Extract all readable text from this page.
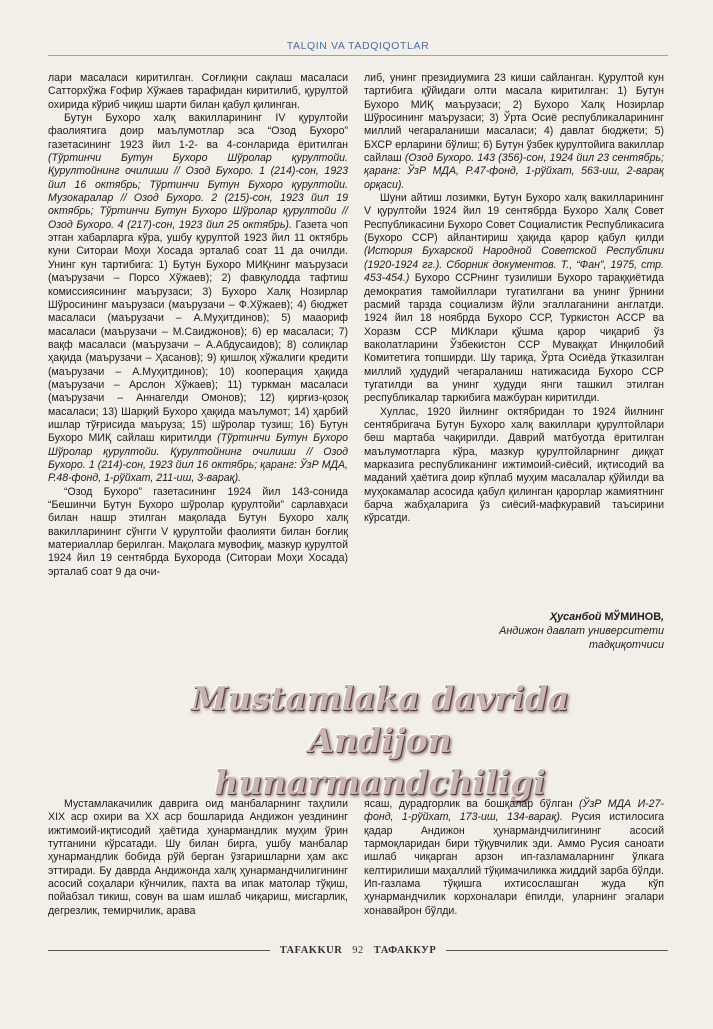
TALQIN VA TADQIQOTLAR

лари масаласи киритилган. Соғлиқни сақлаш масаласи Сатторхўжа Ғофир Хўжаев тарафидан киритилиб, қурултой охирида кўриб чиқиш шарти билан қабул қилинган.

Бутун Бухоро халқ вакилларининг IV қурултойи фаолиятига доир маълумотлар эса “Озод Бухоро” газетасининг 1923 йил 1-2- ва 4-сонларида ёритилган (Тўртинчи Бутун Бухоро Шўролар қурултойи. Қурултойнинг очилиши // Озод Бухоро. 1 (214)-сон, 1923 йил 16 октябрь; Тўртинчи Бутун Бухоро қурултойи. Музокаралар // Озод Бухоро. 2 (215)-сон, 1923 йил 19 октябрь; Тўртинчи Бутун Бухоро Шўролар қурултойи // Озод Бухоро. 4 (217)-сон, 1923 йил 25 октябрь). Газета чоп этган хабарларга кўра, ушбу қурултой 1923 йил 11 октябрь куни Ситораи Моҳи Хосада эрталаб соат 11 да очилди. Унинг кун тартибига: 1) Бутун Бухоро МИҚнинг маърузаси (маърузачи – Порсо Хўжаев); 2) фавқулодда тафтиш комиссиясининг маърузаси; 3) Бухоро Халқ Нозирлар Шўросининг маърузаси (маърузачи – Ф.Хўжаев); 4) бюджет масаласи (маърузачи – А.Муҳитдинов); 5) мааориф масаласи (маърузачи – М.Саиджонов); 6) ер масаласи; 7) вақф масаласи (маърузачи – А.Абдусаидов); 8) солиқлар ҳақида (маърузачи – Ҳасанов); 9) қишлоқ хўжалиги кредити (маърузачи – А.Муҳитдинов); 10) кооперация ҳақида (маърузачи – Арслон Хўжаев); 11) туркман масаласи (маърузачи – Аннагелди Омонов); 12) қирғиз-қозоқ масаласи; 13) Шарқий Бухоро ҳақида маълумот; 14) ҳарбий ишлар тўғрисида маъруза; 15) шўролар тузиш; 16) Бутун Бухоро МИҚ сайлаш киритилди (Тўртинчи Бутун Бухоро Шўролар қурултойи. Қурултойнинг очилиши // Озод Бухоро. 1 (214)-сон, 1923 йил 16 октябрь; қаранг: ЎзР МДА, Р.48-фонд, 1-рўйхат, 211-иш, 3-варақ).

“Озод Бухоро” газетасининг 1924 йил 143-сонида “Бешинчи Бутун Бухоро шўролар қурултойи” сарлавҳаси билан нашр этилган мақолада Бутун Бухоро халқ вакилларининг сўнгги V қурултойи фаолияти билан боғлиқ материаллар берилган. Мақолага мувофиқ, мазкур қурултой 1924 йил 19 сентябрда Бухорода (Ситораи Моҳи Хосада) эрталаб соат 9 да очи-

либ, унинг президиумига 23 киши сайланган. Қурултой кун тартибига қўйидаги олти масала киритилган: 1) Бутун Бухоро МИҚ маърузаси; 2) Бухоро Халқ Нозирлар Шўросининг маърузаси; 3) Ўрта Осиё республикаларининг миллий чегараланиши масаласи; 4) давлат бюджети; 5) БХСР ерларини бўлиш; 6) Бутун ўзбек қурултойига вакиллар сайлаш (Озод Бухоро. 143 (356)-сон, 1924 йил 23 сентябрь; қаранг: ЎзР МДА, Р.47-фонд, 1-рўйхат, 563-иш, 2-варақ орқаси).

Шуни айтиш лозимки, Бутун Бухоро халқ вакилларининг V қурултойи 1924 йил 19 сентябрда Бухоро Халқ Совет Республикасини Бухоро Совет Социалистик Республикасига (Бухоро ССР) айлантириш ҳақида қарор қабул қилди (История Бухарской Народной Советской Республики (1920-1924 гг.). Сборник документов. Т., “Фан”, 1975, стр. 453-454.) Бухоро ССРнинг тузилиши Бухоро тараққиётида демократия тамойиллари тугатилгани ва унинг ўрнини расмий тарзда социализм йўли эгаллаганини англатди. 1924 йил 18 ноябрда Бухоро ССР, Туркистон АССР ва Хоразм ССР МИКлари қўшма қарор чиқариб ўз ваколатларини Ўзбекистон ССР Муваққат Инқилобий Комитетига топширди. Шу тариқа, Ўрта Осиёда ўтказилган миллий ҳудудий чегараланиш натижасида Бухоро ССР тугатилди ва унинг ҳудуди янги ташкил этилган республикалар таркибига мажбуран киритилди.

Хуллас, 1920 йилнинг октябридан то 1924 йилнинг сентябригача Бутун Бухоро халқ вакиллари қурултойлари беш мартаба чақирилди. Даврий матбуотда ёритилган маълумотларга кўра, мазкур қурултойларнинг диққат марказига республиканинг ижтимоий-сиёсий, иқтисодий ва маданий ҳаётига доир кўплаб муҳим масалалар қўйилди ва муҳокамалар асосида қабул қилинган қарорлар жамиятнинг барча жабҳаларига ўз сиёсий-мафкуравий таъсирини кўрсатди.

Ҳусанбой МЎМИНОВ,
Андижон давлат университети
тадқиқотчиси
Mustamlaka davrida
Andijon hunarmandchiligi

Мустамлакачилик даврига оид манбаларнинг таҳлили XIX аср охири ва XX аср бошларида Андижон уездининг ижтимоий-иқтисодий ҳаётида ҳунармандлик муҳим ўрин тутганини кўрсатади. Шу билан бирга, ушбу манбалар ҳунармандлик бобида рўй берган ўзгаришларни ҳам акс эттиради. Бу даврда Андижонда халқ ҳунармандчилигининг асосий соҳалари кўнчилик, пахта ва ипак матолар тўқиш, пойабзал тикиш, совун ва шам ишлаб чиқариш, мисгарлик, дегрезлик, темирчилик, арава

ясаш, дурадгорлик ва бошқалар бўлган (ЎзР МДА И-27-фонд, 1-рўйхат, 173-иш, 134-варақ). Русия истилосига қадар Андижон ҳунармандчилигининг асосий тармоқларидан бири тўқувчилик эди. Аммо Русия саноати ишлаб чиқарган арзон ип-газламаларнинг ўлкага келтирилиши маҳаллий тўқимачиликка жиддий зарба бўлди. Ип-газлама тўқишга ихтисослашган жуда кўп ҳунармандчилик корхоналари ёпилди, уларнинг эгалари хонавайрон бўлди.

TAFAKKUR 92 ТАФАККУР
